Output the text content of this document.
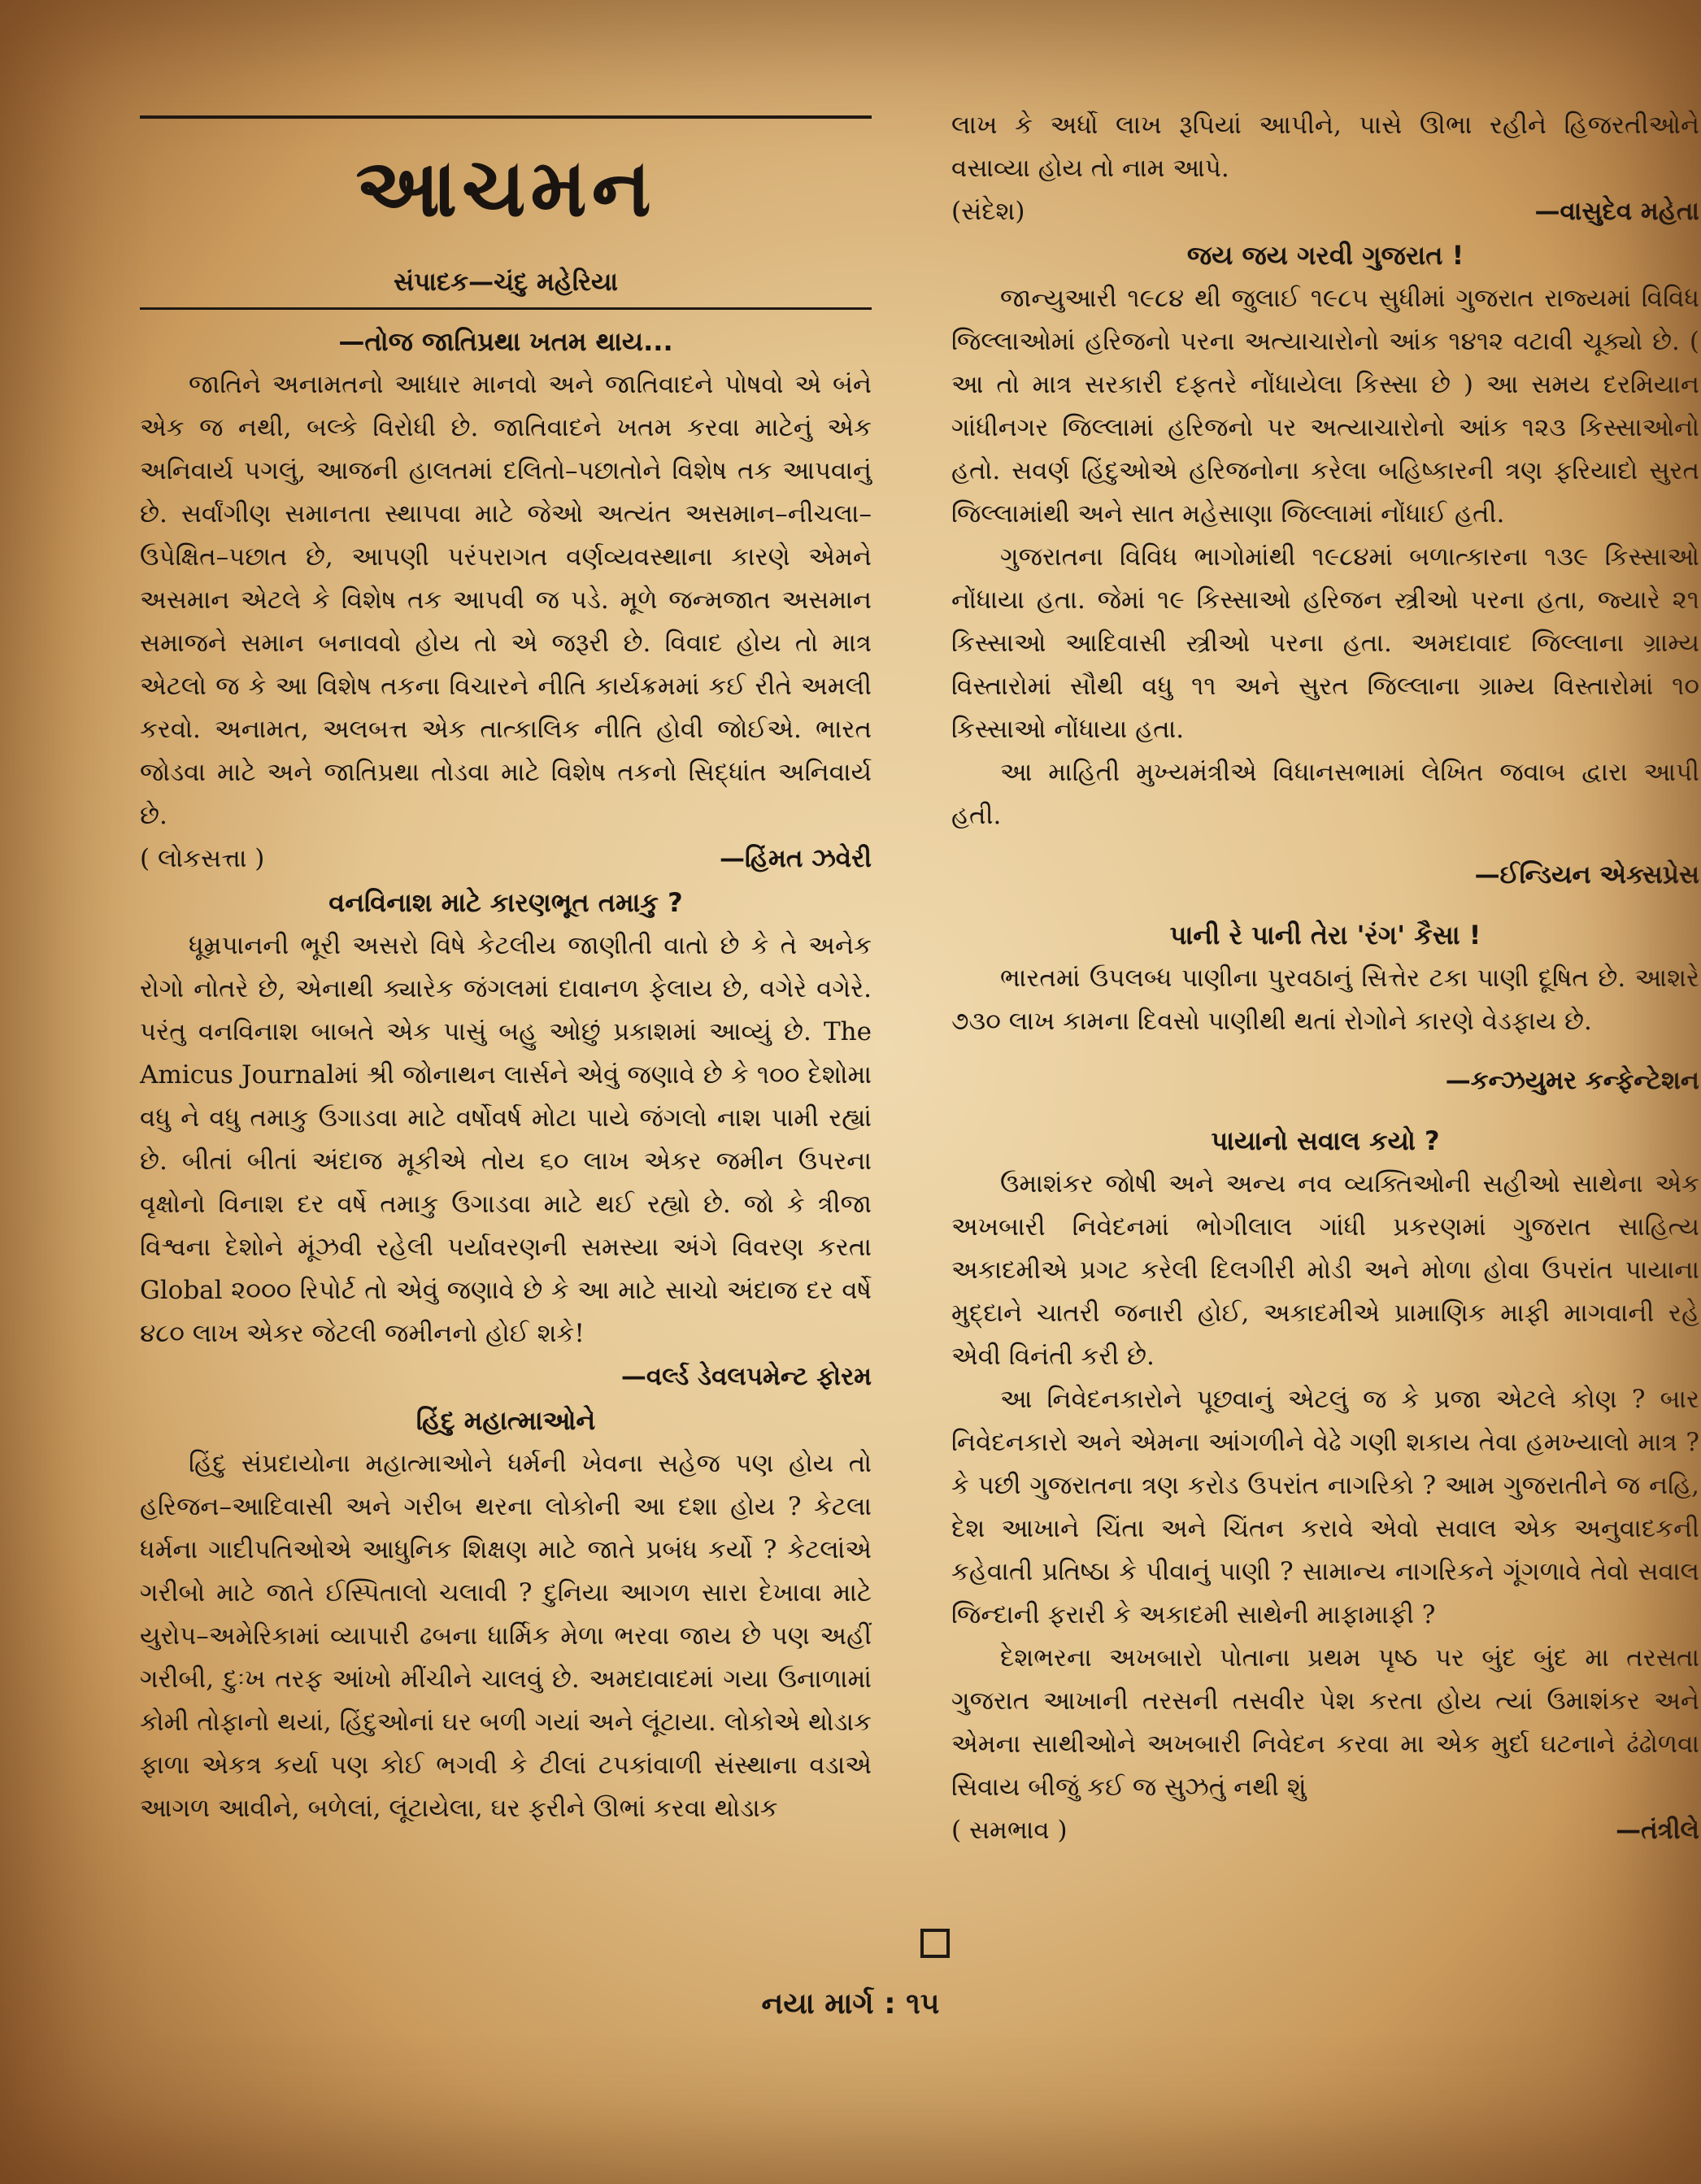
આચમન
સંપાદક—ચંદુ મહેરિયા
—તોજ જાતિપ્રથા ખતમ થાય...

જાતિને અનામતનો આધાર માનવો અને જાતિવાદને પોષવો એ બંને એક જ નથી, બલ્કે વિરોધી છે. જાતિવાદને ખતમ કરવા માટેનું એક અનિવાર્ય પગલું, આજની હાલતમાં દલિતો–પછાતોને વિશેષ તક આપવાનું છે. સર્વાંગીણ સમાનતા સ્થાપવા માટે જેઓ અત્યંત અસમાન–નીચલા–ઉપેક્ષિત–પછાત છે, આપણી પરંપરાગત વર્ણવ્યવસ્થાના કારણે એમને અસમાન એટલે કે વિશેષ તક આપવી જ પડે. મૂળે જન્મજાત અસમાન સમાજને સમાન બનાવવો હોય તો એ જરૂરી છે. વિવાદ હોય તો માત્ર એટલો જ કે આ વિશેષ તકના વિચારને નીતિ કાર્યક્રમમાં કઈ રીતે અમલી કરવો. અનામત, અલબત્ત એક તાત્કાલિક નીતિ હોવી જોઈએ. ભારત જોડવા માટે અને જાતિપ્રથા તોડવા માટે વિશેષ તકનો સિદ્ધાંત અનિવાર્ય છે.

( લોકસત્તા )	—હિંમત ઝવેરી
વનવિનાશ માટે કારણભૂત તમાકુ ?

ધૂમ્રપાનની ભૂરી અસરો વિષે કેટલીય જાણીતી વાતો છે કે તે અનેક રોગો નોતરે છે, એનાથી ક્યારેક જંગલમાં દાવાનળ ફેલાય છે, વગેરે વગેરે. પરંતુ વનવિનાશ બાબતે એક પાસું બહુ ઓછું પ્રકાશમાં આવ્યું છે. The Amicus Journalમાં શ્રી જોનાથન લાર્સને એવું જણાવે છે કે ૧૦૦ દેશોમા વધુ ને વધુ તમાકુ ઉગાડવા માટે વર્ષોવર્ષ મોટા પાયે જંગલો નાશ પામી રહ્યાં છે. બીતાં બીતાં અંદાજ મૂકીએ તોય ૬૦ લાખ એકર જમીન ઉપરના વૃક્ષોનો વિનાશ દર વર્ષે તમાકુ ઉગાડવા માટે થઈ રહ્યો છે. જો કે ત્રીજા વિશ્વના દેશોને મૂંઝવી રહેલી પર્યાવરણની સમસ્યા અંગે વિવરણ કરતા Global ૨૦૦૦ રિપોર્ટ તો એવું જણાવે છે કે આ માટે સાચો અંદાજ દર વર્ષે ૪૮૦ લાખ એકર જેટલી જમીનનો હોઈ શકે!

—વર્લ્ડ ડેવલપમેન્ટ ફોરમ
હિંદુ મહાત્માઓને

હિંદુ સંપ્રદાયોના મહાત્માઓને ધર્મની ખેવના સહેજ પણ હોય તો હરિજન–આદિવાસી અને ગરીબ થરના લોકોની આ દશા હોય ? કેટલા ધર્મના ગાદીપતિઓએ આધુનિક શિક્ષણ માટે જાતે પ્રબંધ કર્યો ? કેટલાંએ ગરીબો માટે જાતે ઈસ્પિતાલો ચલાવી ? દુનિયા આગળ સારા દેખાવા માટે યુરોપ–અમેરિકામાં વ્યાપારી ઢબના ધાર્મિક મેળા ભરવા જાય છે પણ અહીં ગરીબી, દુઃખ તરફ આંખો મીંચીને ચાલવું છે. અમદાવાદમાં ગયા ઉનાળામાં કોમી તોફાનો થયાં, હિંદુઓનાં ઘર બળી ગયાં અને લૂંટાયા. લોકોએ થોડાક ફાળા એકત્ર કર્યા પણ કોઈ ભગવી કે ટીલાં ટપકાંવાળી સંસ્થાના વડાએ આગળ આવીને, બળેલાં, લૂંટાયેલા, ઘર ફરીને ઊભાં કરવા થોડાક

લાખ કે અર્ધો લાખ રૂપિયાં આપીને, પાસે ઊભા રહીને હિજરતીઓને વસાવ્યા હોય તો નામ આપે.

(સંદેશ)	—વાસુદેવ મહેતા
જય જય ગરવી ગુજરાત !

જાન્યુઆરી ૧૯૮૪ થી જુલાઈ ૧૯૮૫ સુધીમાં ગુજરાત રાજ્યમાં વિવિધ જિલ્લાઓમાં હરિજનો પરના અત્યાચારોનો આંક ૧૪૧૨ વટાવી ચૂક્યો છે. ( આ તો માત્ર સરકારી દફતરે નોંધાયેલા કિસ્સા છે ) આ સમય દરમિયાન ગાંધીનગર જિલ્લામાં હરિજનો પર અત્યાચારોનો આંક ૧૨૩ કિસ્સાઓનો હતો. સવર્ણ હિંદુઓએ હરિજનોના કરેલા બહિષ્કારની ત્રણ ફરિયાદો સુરત જિલ્લામાંથી અને સાત મહેસાણા જિલ્લામાં નોંધાઈ હતી.

ગુજરાતના વિવિધ ભાગોમાંથી ૧૯૮૪માં બળાત્કારના ૧૩૯ કિસ્સાઓ નોંધાયા હતા. જેમાં ૧૯ કિસ્સાઓ હરિજન સ્ત્રીઓ પરના હતા, જ્યારે ૨૧ કિસ્સાઓ આદિવાસી સ્ત્રીઓ પરના હતા. અમદાવાદ જિલ્લાના ગ્રામ્ય વિસ્તારોમાં સૌથી વધુ ૧૧ અને સુરત જિલ્લાના ગ્રામ્ય વિસ્તારોમાં ૧૦ કિસ્સાઓ નોંધાયા હતા.

આ માહિતી મુખ્યમંત્રીએ વિધાનસભામાં લેખિત જવાબ દ્વારા આપી હતી.

—ઈન્ડિયન એક્સપ્રેસ
પાની રે પાની તેરા 'રંગ' કૈસા !

ભારતમાં ઉપલબ્ધ પાણીના પુરવઠાનું સિત્તેર ટકા પાણી દૂષિત છે. આશરે ૭૩૦ લાખ કામના દિવસો પાણીથી થતાં રોગોને કારણે વેડફાય છે.

—કન્ઝયુમર કન્ફેન્ટેશન
પાયાનો સવાલ કયો ?

ઉમાશંકર જોષી અને અન્ય નવ વ્યક્તિઓની સહીઓ સાથેના એક અખબારી નિવેદનમાં ભોગીલાલ ગાંધી પ્રકરણમાં ગુજરાત સાહિત્ય અકાદમીએ પ્રગટ કરેલી દિલગીરી મોડી અને મોળા હોવા ઉપરાંત પાયાના મુદ્દાને ચાતરી જનારી હોઈ, અકાદમીએ પ્રામાણિક માફી માગવાની રહે એવી વિનંતી કરી છે.

આ નિવેદનકારોને પૂછવાનું એટલું જ કે પ્રજા એટલે કોણ ? બાર નિવેદનકારો અને એમના આંગળીને વેઢે ગણી શકાય તેવા હમખ્યાલો માત્ર ? કે પછી ગુજરાતના ત્રણ કરોડ ઉપરાંત નાગરિકો ? આમ ગુજરાતીને જ નહિ, દેશ આખાને ચિંતા અને ચિંતન કરાવે એવો સવાલ એક અનુવાદકની કહેવાતી પ્રતિષ્ઠા કે પીવાનું પાણી ? સામાન્ય નાગરિકને ગૂંગળાવે તેવો સવાલ જિન્દાની ફરારી કે અકાદમી સાથેની માફામાફી ?

દેશભરના અખબારો પોતાના પ્રથમ પૃષ્ઠ પર બુંદ બુંદ મા તરસતા ગુજરાત આખાની તરસની તસવીર પેશ કરતા હોય ત્યાં ઉમાશંકર અને એમના સાથીઓને અખબારી નિવેદન કરવા મા એક મુર્દા ઘટનાને ઢંઢોળવા સિવાય બીજું કઈ જ સુઝતું નથી શું

( સમભાવ )	—તંત્રીલે
નયા માર્ગ : ૧૫
